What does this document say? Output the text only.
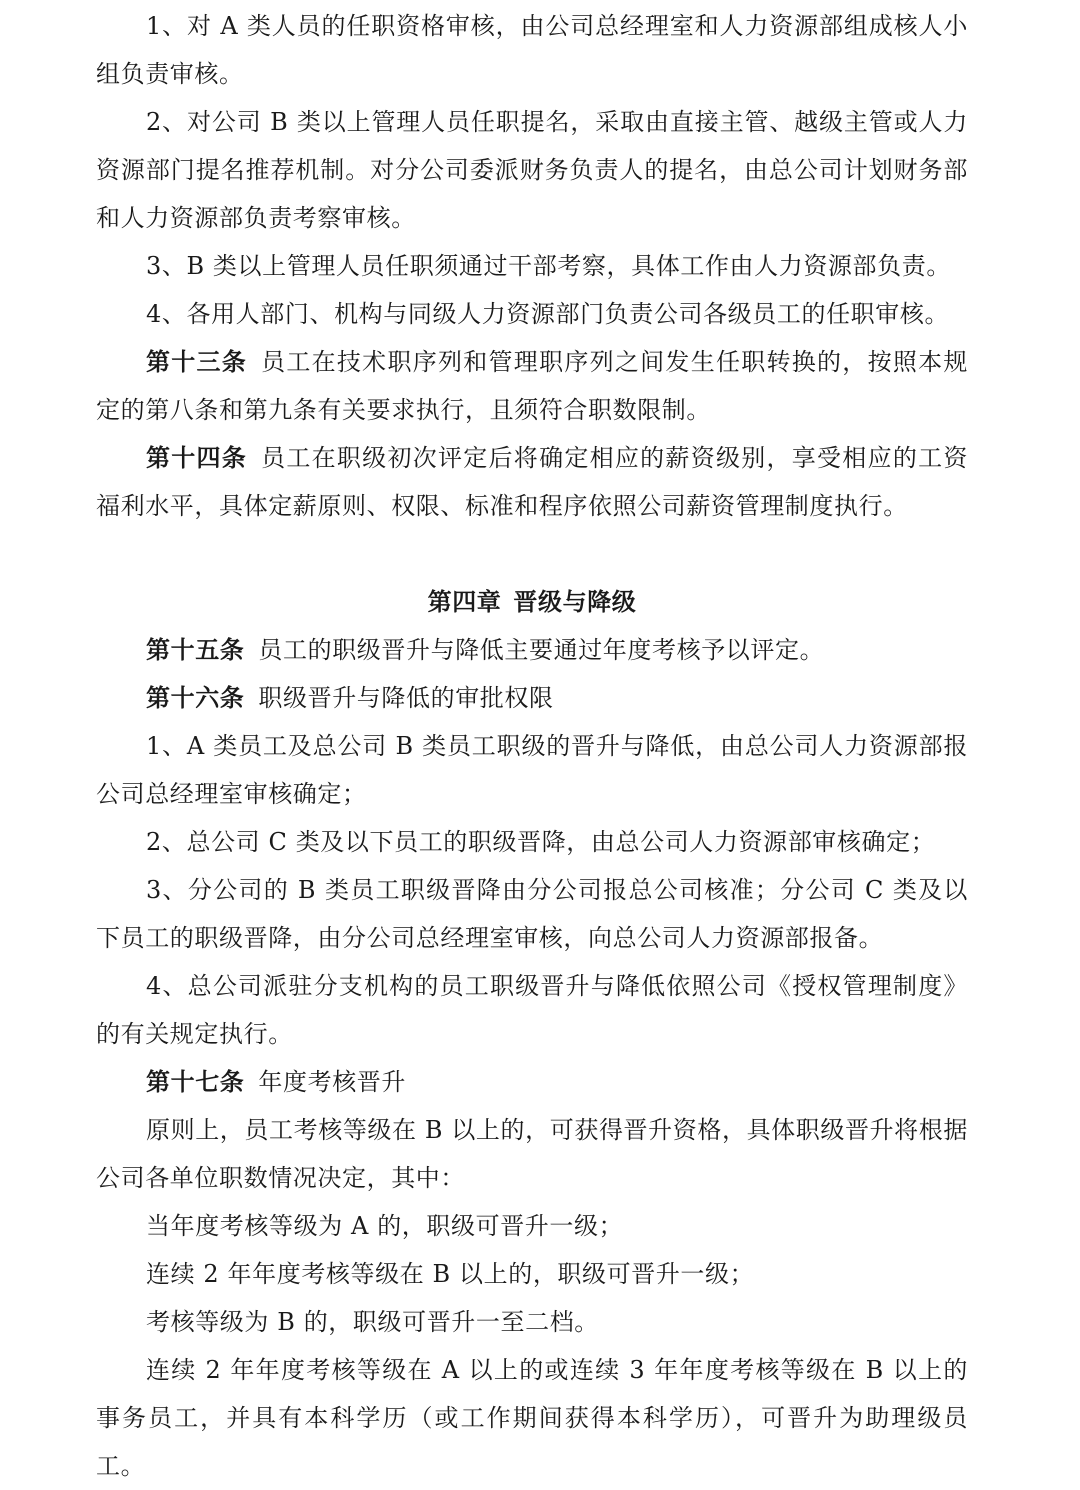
1、对 A 类人员的任职资格审核，由公司总经理室和人力资源部组成核人小组负责审核。

2、对公司 B 类以上管理人员任职提名，采取由直接主管、越级主管或人力资源部门提名推荐机制。对分公司委派财务负责人的提名，由总公司计划财务部和人力资源部负责考察审核。

3、B 类以上管理人员任职须通过干部考察，具体工作由人力资源部负责。

4、各用人部门、机构与同级人力资源部门负责公司各级员工的任职审核。

第十三条 员工在技术职序列和管理职序列之间发生任职转换的，按照本规定的第八条和第九条有关要求执行，且须符合职数限制。

第十四条 员工在职级初次评定后将确定相应的薪资级别，享受相应的工资福利水平，具体定薪原则、权限、标准和程序依照公司薪资管理制度执行。

第四章 晋级与降级

第十五条 员工的职级晋升与降低主要通过年度考核予以评定。

第十六条 职级晋升与降低的审批权限

1、A 类员工及总公司 B 类员工职级的晋升与降低，由总公司人力资源部报公司总经理室审核确定；

2、总公司 C 类及以下员工的职级晋降，由总公司人力资源部审核确定；

3、分公司的 B 类员工职级晋降由分公司报总公司核准；分公司 C 类及以下员工的职级晋降，由分公司总经理室审核，向总公司人力资源部报备。

4、总公司派驻分支机构的员工职级晋升与降低依照公司《授权管理制度》的有关规定执行。

第十七条 年度考核晋升

原则上，员工考核等级在 B 以上的，可获得晋升资格，具体职级晋升将根据公司各单位职数情况决定，其中：

当年度考核等级为 A 的，职级可晋升一级；

连续 2 年年度考核等级在 B 以上的，职级可晋升一级；

考核等级为 B 的，职级可晋升一至二档。

连续 2 年年度考核等级在 A 以上的或连续 3 年年度考核等级在 B 以上的事务员工，并具有本科学历（或工作期间获得本科学历），可晋升为助理级员工。
